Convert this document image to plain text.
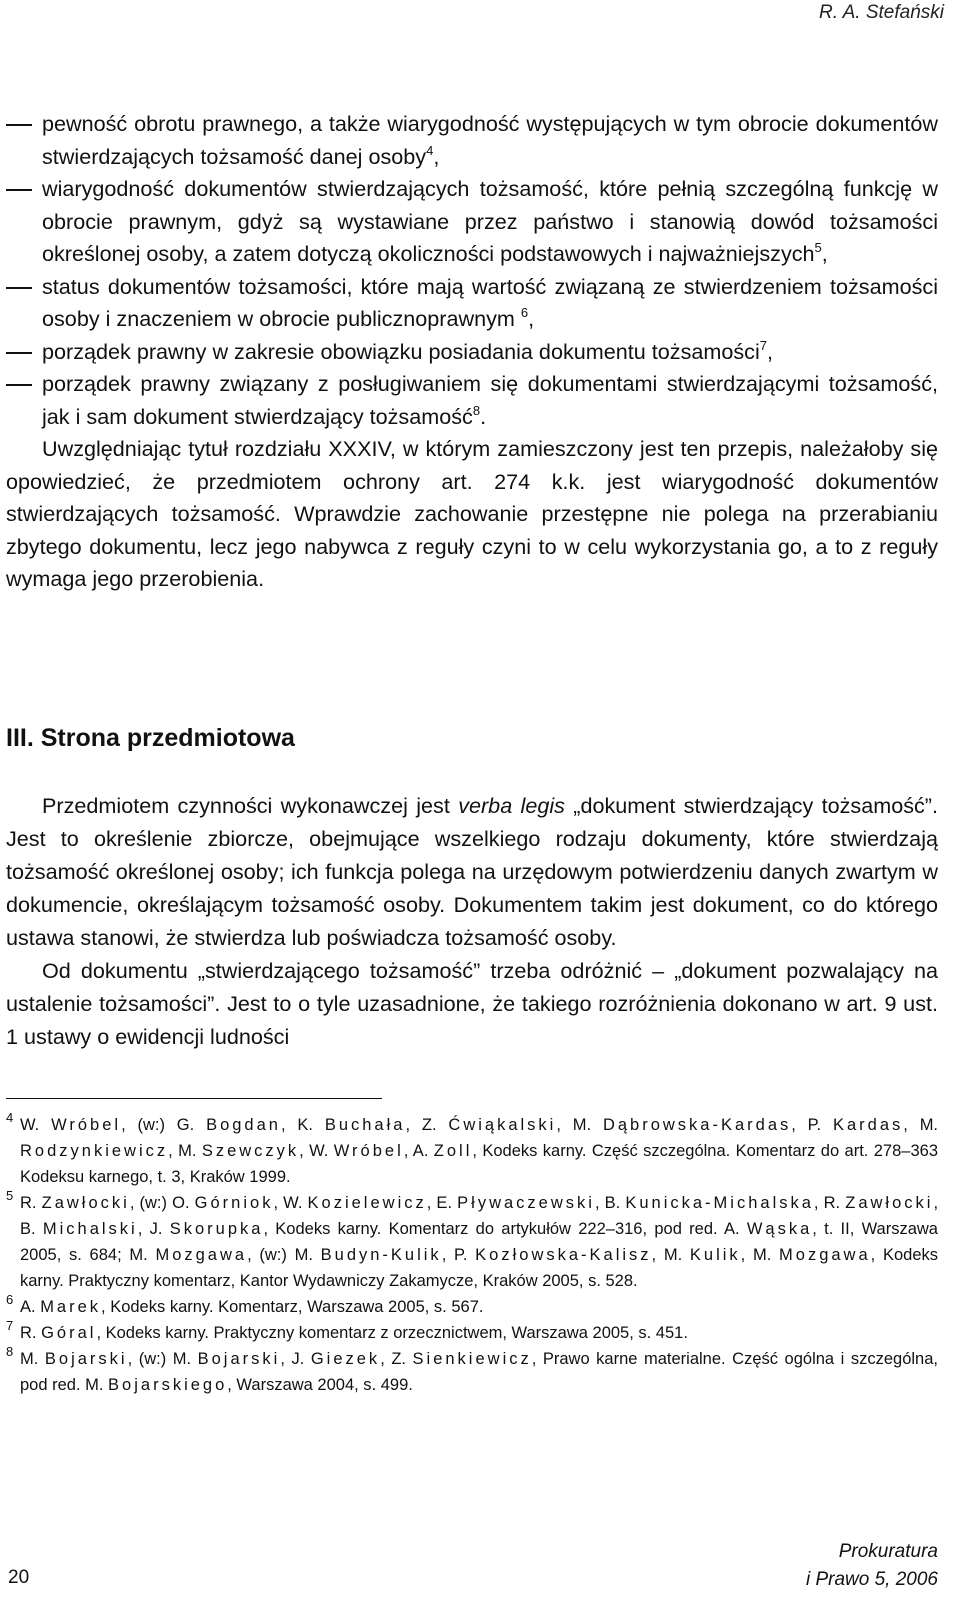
R. A. Stefański
pewność obrotu prawnego, a także wiarygodność występujących w tym obrocie dokumentów stwierdzających tożsamość danej osoby$^4$,
wiarygodność dokumentów stwierdzających tożsamość, które pełnią szczególną funkcję w obrocie prawnym, gdyż są wystawiane przez państwo i stanowią dowód tożsamości określonej osoby, a zatem dotyczą okoliczności podstawowych i najważniejszych$^5$,
status dokumentów tożsamości, które mają wartość związaną ze stwierdzeniem tożsamości osoby i znaczeniem w obrocie publicznoprawnym $^6$,
porządek prawny w zakresie obowiązku posiadania dokumentu tożsamości$^7$,
porządek prawny związany z posługiwaniem się dokumentami stwierdzającymi tożsamość, jak i sam dokument stwierdzający tożsamość$^8$.

Uwzględniając tytuł rozdziału XXXIV, w którym zamieszczony jest ten przepis, należałoby się opowiedzieć, że przedmiotem ochrony art. 274 k.k. jest wiarygodność dokumentów stwierdzających tożsamość. Wprawdzie zachowanie przestępne nie polega na przerabianiu zbytego dokumentu, lecz jego nabywca z reguły czyni to w celu wykorzystania go, a to z reguły wymaga jego przerobienia.

III. Strona przedmiotowa

Przedmiotem czynności wykonawczej jest verba legis „dokument stwierdzający tożsamość”. Jest to określenie zbiorcze, obejmujące wszelkiego rodzaju dokumenty, które stwierdzają tożsamość określonej osoby; ich funkcja polega na urzędowym potwierdzeniu danych zwartym w dokumencie, określającym tożsamość osoby. Dokumentem takim jest dokument, co do którego ustawa stanowi, że stwierdza lub poświadcza tożsamość osoby.

Od dokumentu „stwierdzającego tożsamość” trzeba odróżnić – „dokument pozwalający na ustalenie tożsamości”. Jest to o tyle uzasadnione, że takiego rozróżnienia dokonano w art. 9 ust. 1 ustawy o ewidencji ludności

4 W. Wróbel, (w:) G. Bogdan, K. Buchała, Z. Ćwiąkalski, M. Dąbrowska-Kardas, P. Kardas, M. Rodzynkiewicz, M. Szewczyk, W. Wróbel, A. Zoll, Kodeks karny. Część szczególna. Komentarz do art. 278–363 Kodeksu karnego, t. 3, Kraków 1999.
5 R. Zawłocki, (w:) O. Górniok, W. Kozielewicz, E. Pływaczewski, B. Kunicka-Michalska, R. Zawłocki, B. Michalski, J. Skorupka, Kodeks karny. Komentarz do artykułów 222–316, pod red. A. Wąska, t. II, Warszawa 2005, s. 684; M. Mozgawa, (w:) M. Budyn-Kulik, P. Kozłowska-Kalisz, M. Kulik, M. Mozgawa, Kodeks karny. Praktyczny komentarz, Kantor Wydawniczy Zakamycze, Kraków 2005, s. 528.
6 A. Marek, Kodeks karny. Komentarz, Warszawa 2005, s. 567.
7 R. Góral, Kodeks karny. Praktyczny komentarz z orzecznictwem, Warszawa 2005, s. 451.
8 M. Bojarski, (w:) M. Bojarski, J. Giezek, Z. Sienkiewicz, Prawo karne materialne. Część ogólna i szczególna, pod red. M. Bojarskiego, Warszawa 2004, s. 499.
20
Prokuratura
i Prawo 5, 2006
